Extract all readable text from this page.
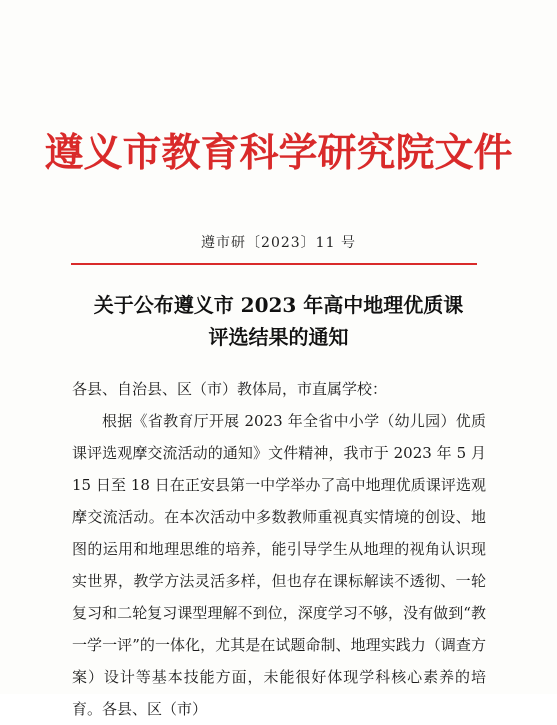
遵义市教育科学研究院文件
遵市研〔2023〕11 号
关于公布遵义市 2023 年高中地理优质课
评选结果的通知

各县、自治县、区（市）教体局，市直属学校：

根据《省教育厅开展 2023 年全省中小学（幼儿园）优质课评选观摩交流活动的通知》文件精神，我市于 2023 年 5 月 15 日至 18 日在正安县第一中学举办了高中地理优质课评选观摩交流活动。在本次活动中多数教师重视真实情境的创设、地图的运用和地理思维的培养，能引导学生从地理的视角认识现实世界，教学方法灵活多样，但也存在课标解读不透彻、一轮复习和二轮复习课型理解不到位，深度学习不够，没有做到“教一学一评”的一体化，尤其是在试题命制、地理实践力（调查方案）设计等基本技能方面，未能很好体现学科核心素养的培育。各县、区（市）
